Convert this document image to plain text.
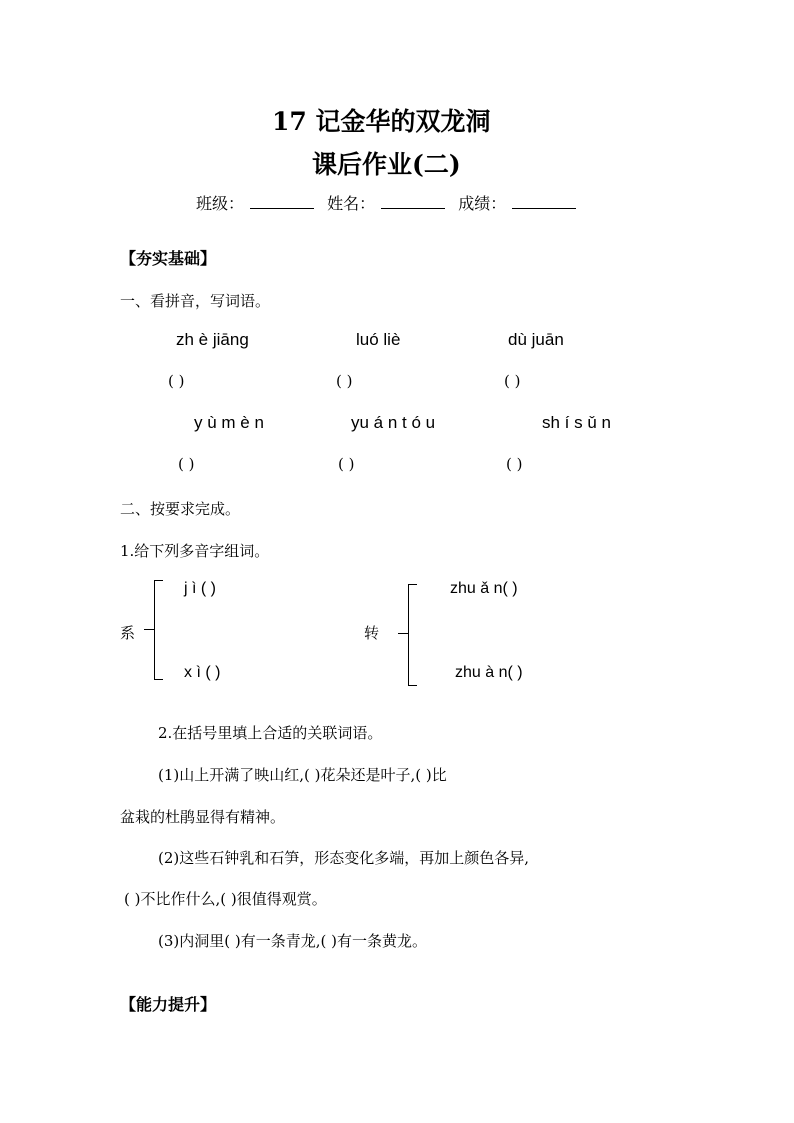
17 记金华的双龙洞
课后作业(二)
班级：	姓名：	成绩：
【夯实基础】
一、看拼音，写词语。
zh è jiāng	luó liè	dù juān
( )	( )	( )
y ù m è n	yu á n t ó u	sh í s ǔ n
( )	( )	( )
二、按要求完成。
1.给下列多音字组词。
系
j ì ( )
x ì ( )
转
zhu ǎ n( )
zhu à n( )
2.在括号里填上合适的关联词语。
(1)山上开满了映山红,( )花朵还是叶子,( )比
盆栽的杜鹃显得有精神。
(2)这些石钟乳和石笋，形态变化多端，再加上颜色各异,
( )不比作什么,( )很值得观赏。
(3)内洞里( )有一条青龙,( )有一条黄龙。
【能力提升】
